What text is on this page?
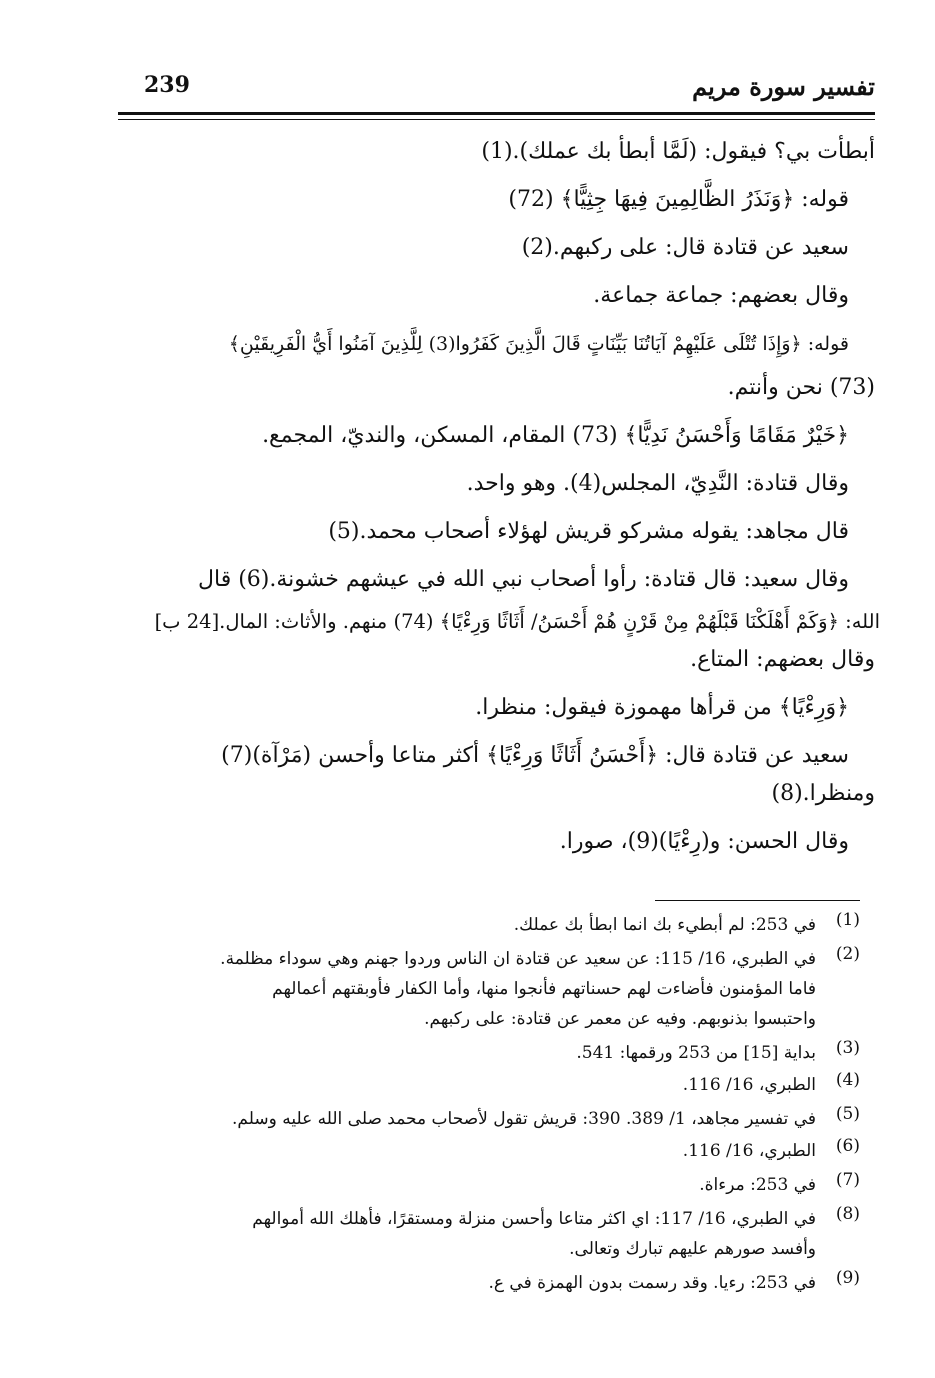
239	تفسير سورة مريم
أبطأت بي؟ فيقول: (لَمَّا أبطأ بك عملك).(1)
قوله: ﴿وَنَذَرُ الظَّالِمِينَ فِيهَا جِثِيًّا﴾ (72)
سعيد عن قتادة قال: على ركبهم.(2)
وقال بعضهم: جماعة جماعة.
قوله: ﴿وَإِذَا تُتْلَى عَلَيْهِمْ آيَاتُنَا بَيِّنَاتٍ قَالَ الَّذِينَ كَفَرُوا(3) لِلَّذِينَ آمَنُوا أَيُّ الْفَرِيقَيْنِ﴾
(73) نحن وأنتم.
﴿خَيْرٌ مَقَامًا وَأَحْسَنُ نَدِيًّا﴾ (73) المقام، المسكن، والنديّ، المجمع.
وقال قتادة: النَّدِيّ، المجلس(4). وهو واحد.
قال مجاهد: يقوله مشركو قريش لهؤلاء أصحاب محمد.(5)
وقال سعيد: قال قتادة: رأوا أصحاب نبي الله في عيشهم خشونة.(6) قال
الله: ﴿وَكَمْ أَهْلَكْنَا قَبْلَهُمْ مِنْ قَرْنٍ هُمْ أَحْسَنُ/ أَثَاثًا وَرِءْيًا﴾ (74) منهم. والأثاث: المال.[24 ب]
وقال بعضهم: المتاع.
﴿وَرِءْيًا﴾ من قرأها مهموزة فيقول: منظرا.
سعيد عن قتادة قال: ﴿أَحْسَنُ أَثَاثًا وَرِءْيًا﴾ أكثر متاعا وأحسن (مَرْآة)(7)
ومنظرا.(8)
وقال الحسن: و(رِءْيًا)(9)، صورا.
(1)
في 253: لم أبطيء بك انما ابطأ بك عملك.
(2)
في الطبري، 16/ 115: عن سعيد عن قتادة ان الناس وردوا جهنم وهي سوداء مظلمة.
فاما المؤمنون فأضاءت لهم حسناتهم فأنجوا منها، وأما الكفار فأوبقتهم أعمالهم
واحتبسوا بذنوبهم. وفيه عن معمر عن قتادة: على ركبهم.
(3)
بداية [15] من 253 ورقمها: 541.
(4)
الطبري، 16/ 116.
(5)
في تفسير مجاهد، 1/ 389. 390: قريش تقول لأصحاب محمد صلى الله عليه وسلم.
(6)
الطبري، 16/ 116.
(7)
في 253: مرءاة.
(8)
في الطبري، 16/ 117: اي اكثر متاعا وأحسن منزلة ومستقرًا، فأهلك الله أموالهم
وأفسد صورهم عليهم تبارك وتعالى.
(9)
في 253: رءيا. وقد رسمت بدون الهمزة في ع.
